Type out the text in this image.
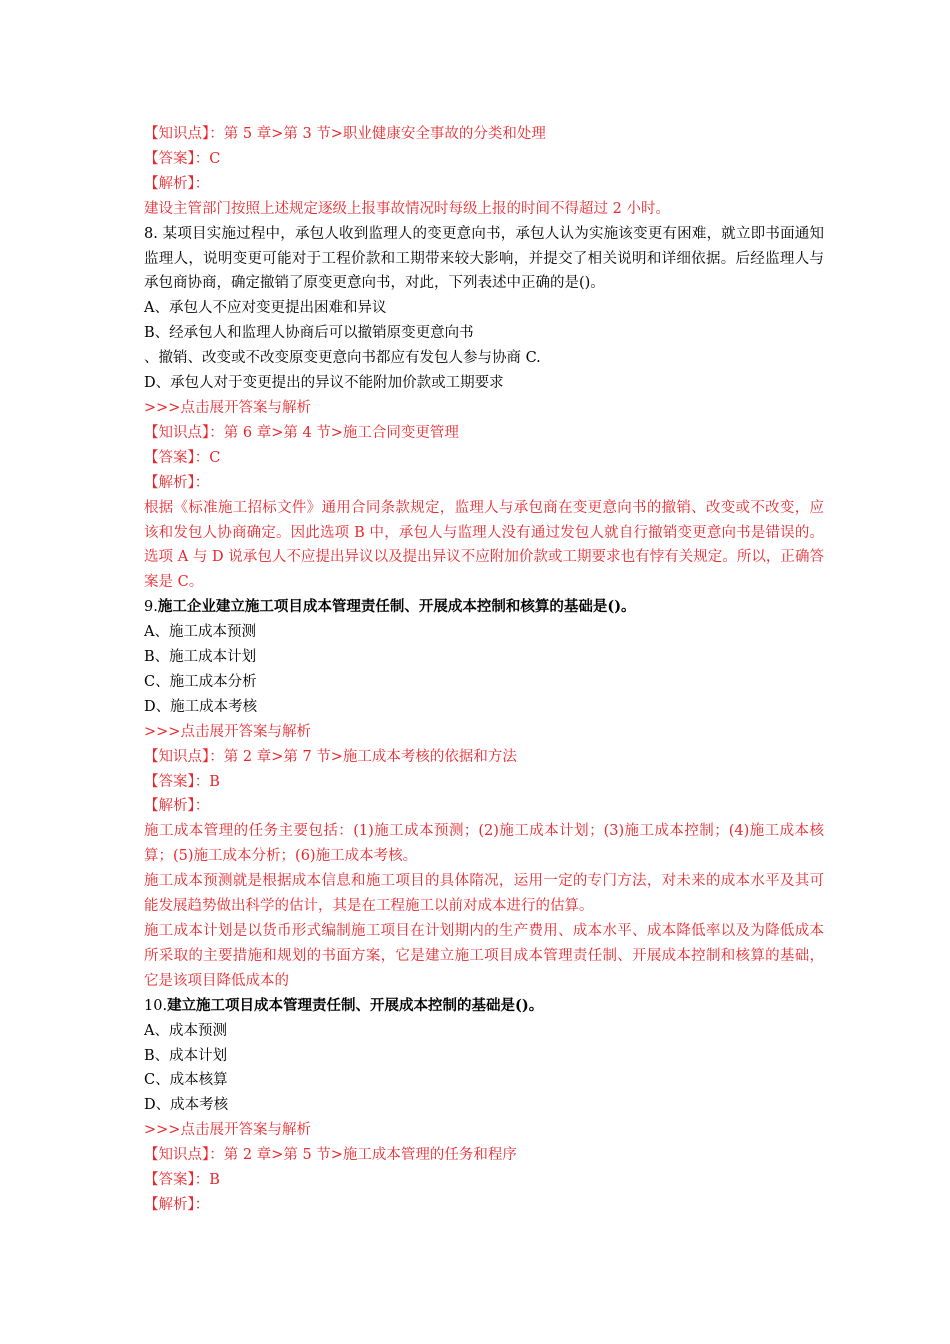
【知识点】：第 5 章>第 3 节>职业健康安全事故的分类和处理
【答案】：C
【解析】：
建设主管部门按照上述规定逐级上报事故情况时每级上报的时间不得超过 2 小时。
8. 某项目实施过程中，承包人收到监理人的变更意向书，承包人认为实施该变更有困难，就立即书面通知监理人，说明变更可能对于工程价款和工期带来较大影响，并提交了相关说明和详细依据。后经监理人与承包商协商，确定撤销了原变更意向书，对此，下列表述中正确的是()。
A、承包人不应对变更提出困难和异议
B、经承包人和监理人协商后可以撤销原变更意向书
、撤销、改变或不改变原变更意向书都应有发包人参与协商 C.
D、承包人对于变更提出的异议不能附加价款或工期要求
>>>点击展开答案与解析
【知识点】：第 6 章>第 4 节>施工合同变更管理
【答案】：C
【解析】：
根据《标准施工招标文件》通用合同条款规定，监理人与承包商在变更意向书的撤销、改变或不改变，应该和发包人协商确定。因此选项 B 中，承包人与监理人没有通过发包人就自行撤销变更意向书是错误的。选项 A 与 D 说承包人不应提出异议以及提出异议不应附加价款或工期要求也有悖有关规定。所以，正确答案是 C。
9.施工企业建立施工项目成本管理责任制、开展成本控制和核算的基础是()。
A、施工成本预测
B、施工成本计划
C、施工成本分析
D、施工成本考核
>>>点击展开答案与解析
【知识点】：第 2 章>第 7 节>施工成本考核的依据和方法
【答案】：B
【解析】：
施工成本管理的任务主要包括：(1)施工成本预测；(2)施工成本计划；(3)施工成本控制；(4)施工成本核算；(5)施工成本分析；(6)施工成本考核。
施工成本预测就是根据成本信息和施工项目的具体隋况，运用一定的专门方法，对未来的成本水平及其可能发展趋势做出科学的估计，其是在工程施工以前对成本进行的估算。
施工成本计划是以货币形式编制施工项目在计划期内的生产费用、成本水平、成本降低率以及为降低成本所采取的主要措施和规划的书面方案，它是建立施工项目成本管理责任制、开展成本控制和核算的基础，它是该项目降低成本的
10.建立施工项目成本管理责任制、开展成本控制的基础是()。
A、成本预测
B、成本计划
C、成本核算
D、成本考核
>>>点击展开答案与解析
【知识点】：第 2 章>第 5 节>施工成本管理的任务和程序
【答案】：B
【解析】：
